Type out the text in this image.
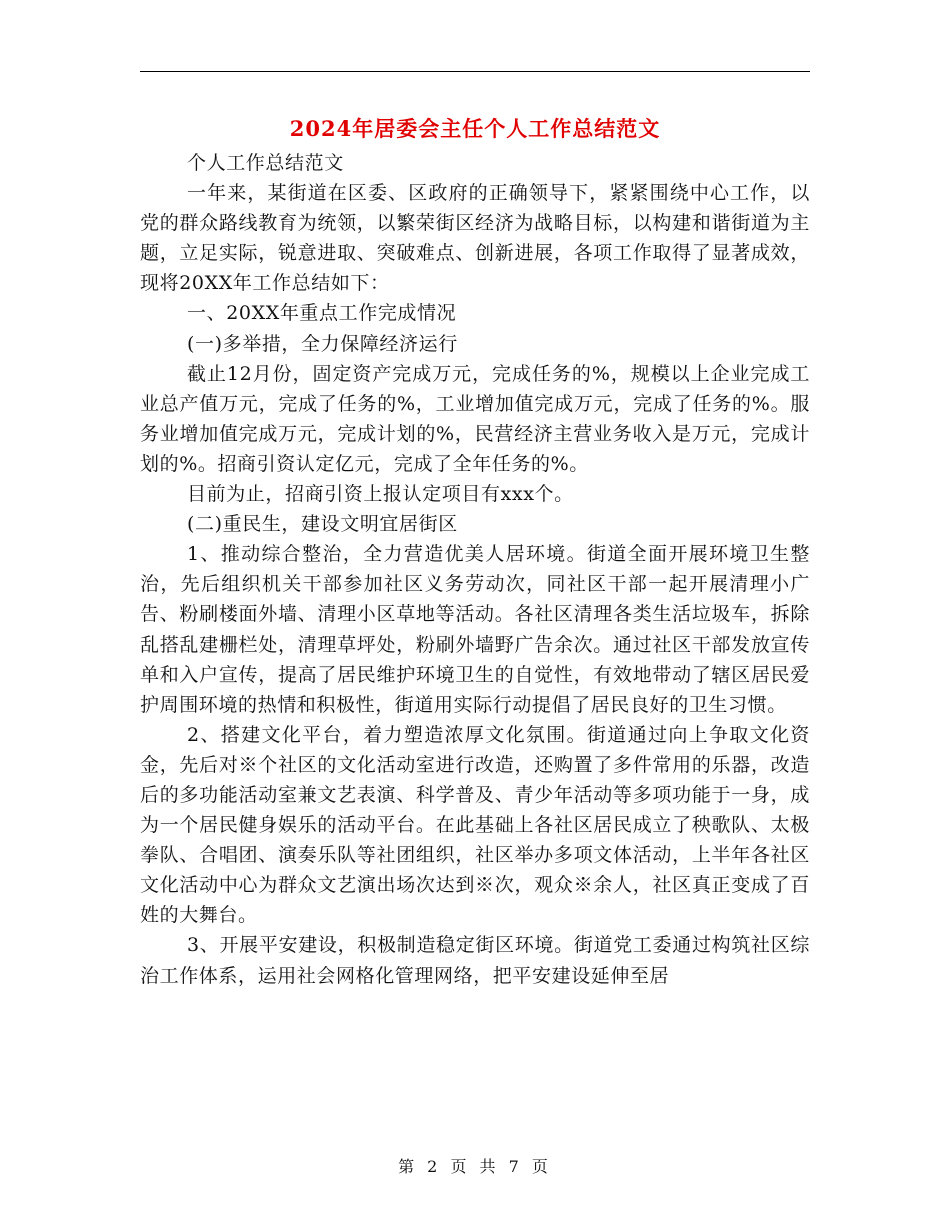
2024年居委会主任个人工作总结范文

个人工作总结范文

一年来，某街道在区委、区政府的正确领导下，紧紧围绕中心工作，以党的群众路线教育为统领，以繁荣街区经济为战略目标，以构建和谐街道为主题，立足实际，锐意进取、突破难点、创新进展，各项工作取得了显著成效，现将20XX年工作总结如下：

一、20XX年重点工作完成情况

(一)多举措，全力保障经济运行

截止12月份，固定资产完成万元，完成任务的%，规模以上企业完成工业总产值万元，完成了任务的%，工业增加值完成万元，完成了任务的%。服务业增加值完成万元，完成计划的%，民营经济主营业务收入是万元，完成计划的%。招商引资认定亿元，完成了全年任务的%。

目前为止，招商引资上报认定项目有xxx个。

(二)重民生，建设文明宜居街区

1、推动综合整治，全力营造优美人居环境。街道全面开展环境卫生整治，先后组织机关干部参加社区义务劳动次，同社区干部一起开展清理小广告、粉刷楼面外墙、清理小区草地等活动。各社区清理各类生活垃圾车，拆除乱搭乱建栅栏处，清理草坪处，粉刷外墙野广告余次。通过社区干部发放宣传单和入户宣传，提高了居民维护环境卫生的自觉性，有效地带动了辖区居民爱护周围环境的热情和积极性，街道用实际行动提倡了居民良好的卫生习惯。

2、搭建文化平台，着力塑造浓厚文化氛围。街道通过向上争取文化资金，先后对※个社区的文化活动室进行改造，还购置了多件常用的乐器，改造后的多功能活动室兼文艺表演、科学普及、青少年活动等多项功能于一身，成为一个居民健身娱乐的活动平台。在此基础上各社区居民成立了秧歌队、太极拳队、合唱团、演奏乐队等社团组织，社区举办多项文体活动，上半年各社区文化活动中心为群众文艺演出场次达到※次，观众※余人，社区真正变成了百姓的大舞台。

3、开展平安建设，积极制造稳定街区环境。街道党工委通过构筑社区综治工作体系，运用社会网格化管理网络，把平安建设延伸至居

第 2 页 共 7 页
